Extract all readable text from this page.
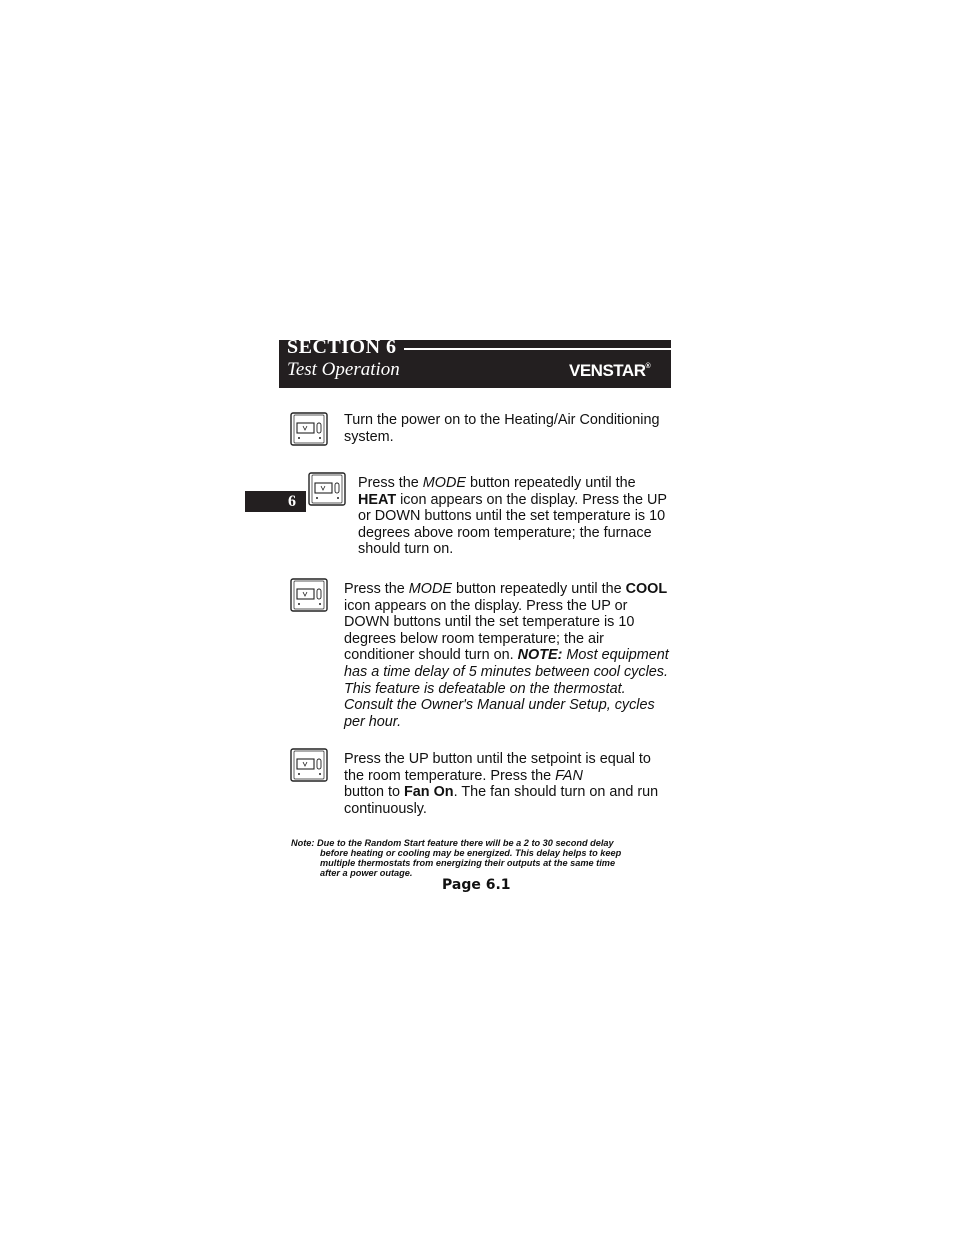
SECTION 6
Test Operation	VENSTAR®
6
Turn the power on to the Heating/Air Conditioning system.
Press the MODE button repeatedly until the HEAT icon appears on the display. Press the UP or DOWN buttons until the set temperature is 10 degrees above room temperature; the furnace should turn on.
Press the MODE button repeatedly until the COOL icon appears on the display. Press the UP or DOWN buttons until the set temperature is 10 degrees below room temperature; the air conditioner should turn on. NOTE: Most equipment has a time delay of 5 minutes between cool cycles. This feature is defeatable on the thermostat. Consult the Owner's Manual under Setup, cycles per hour.
Press the UP button until the setpoint is equal to the room temperature. Press the FAN
button to Fan On. The fan should turn on and run continuously.
Note: Due to the Random Start feature there will be a 2 to 30 second delay
before heating or cooling may be energized. This delay helps to keep
multiple thermostats from energizing their outputs at the same time
after a power outage.
Page 6.1
